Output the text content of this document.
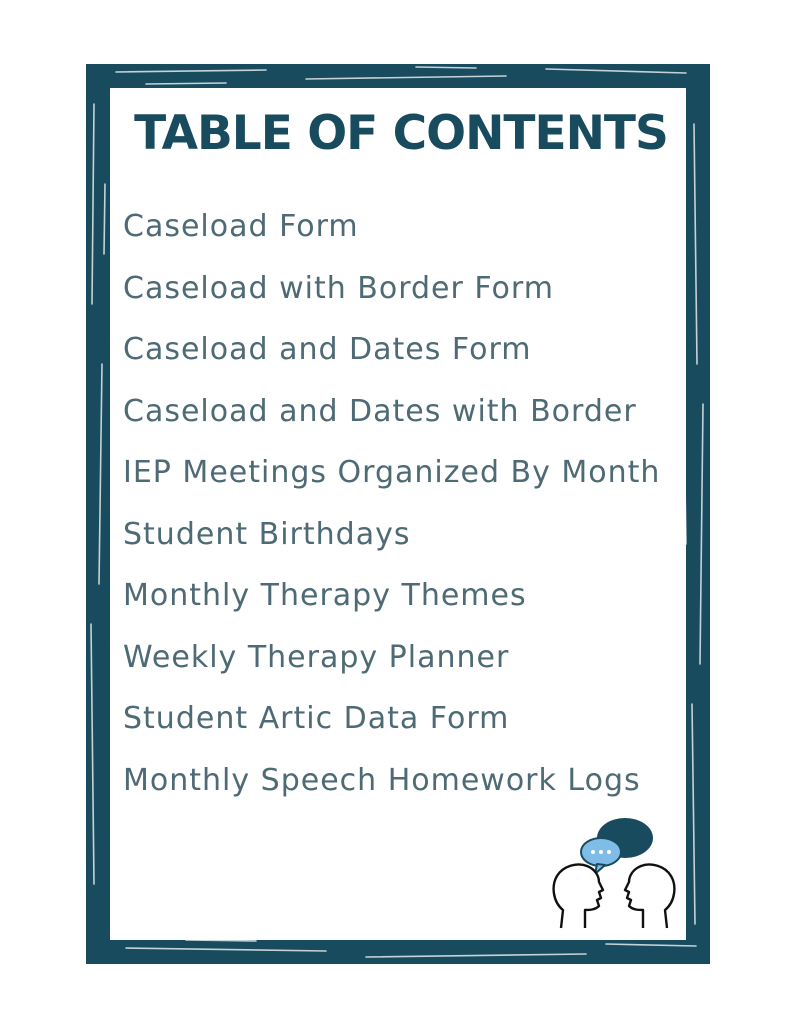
TABLE OF CONTENTS
Caseload Form
Caseload with Border Form
Caseload and Dates Form
Caseload and Dates with Border
IEP Meetings Organized By Month
Student Birthdays
Monthly Therapy Themes
Weekly Therapy Planner
Student Artic Data Form
Monthly Speech Homework Logs
